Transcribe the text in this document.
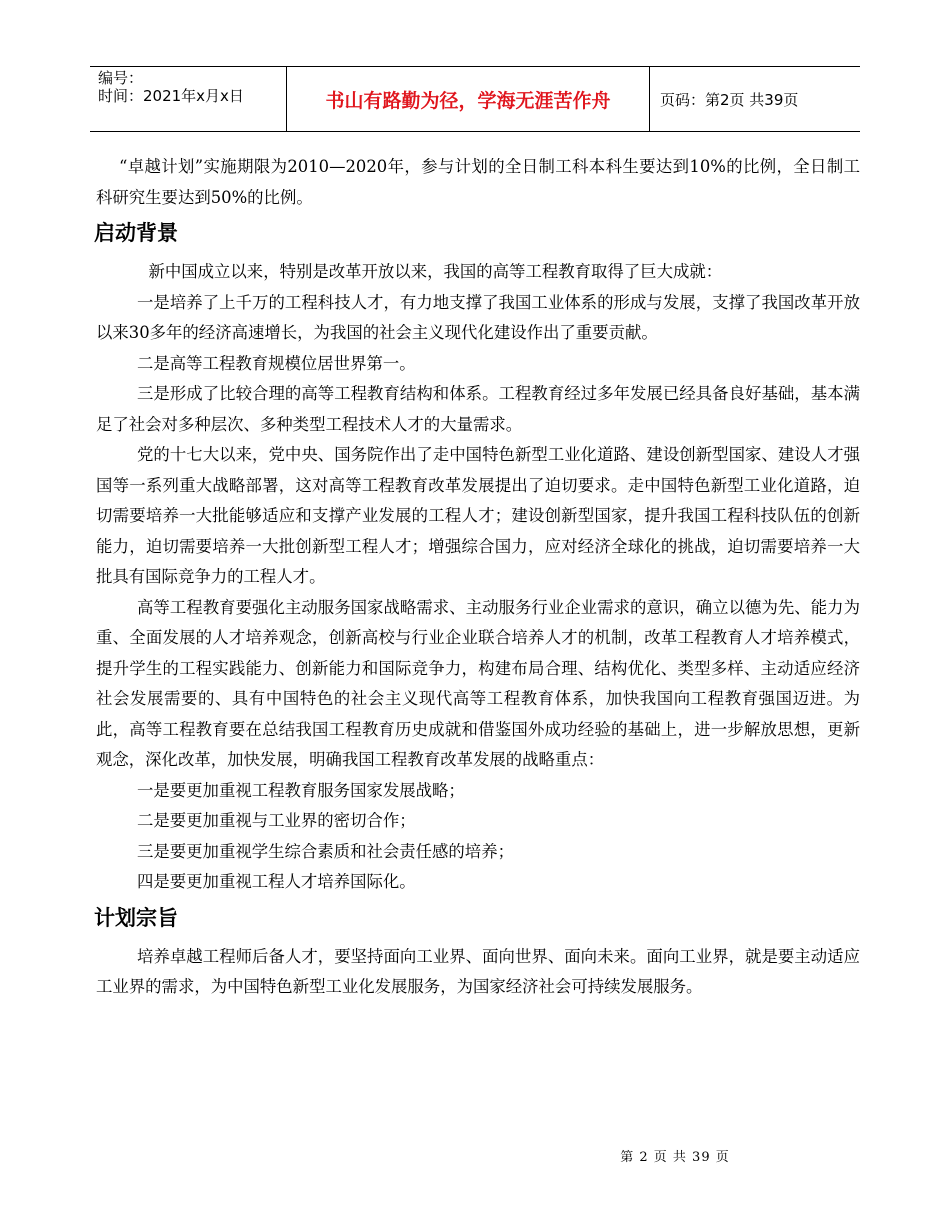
编号：
时间：2021年x月x日	书山有路勤为径，学海无涯苦作舟	页码：第2页 共39页

“卓越计划”实施期限为2010—2020年，参与计划的全日制工科本科生要达到10%的比例，全日制工科研究生要达到50%的比例。

启动背景

新中国成立以来，特别是改革开放以来，我国的高等工程教育取得了巨大成就：

一是培养了上千万的工程科技人才，有力地支撑了我国工业体系的形成与发展，支撑了我国改革开放以来30多年的经济高速增长，为我国的社会主义现代化建设作出了重要贡献。

二是高等工程教育规模位居世界第一。

三是形成了比较合理的高等工程教育结构和体系。工程教育经过多年发展已经具备良好基础，基本满足了社会对多种层次、多种类型工程技术人才的大量需求。

党的十七大以来，党中央、国务院作出了走中国特色新型工业化道路、建设创新型国家、建设人才强国等一系列重大战略部署，这对高等工程教育改革发展提出了迫切要求。走中国特色新型工业化道路，迫切需要培养一大批能够适应和支撑产业发展的工程人才；建设创新型国家，提升我国工程科技队伍的创新能力，迫切需要培养一大批创新型工程人才；增强综合国力，应对经济全球化的挑战，迫切需要培养一大批具有国际竞争力的工程人才。

高等工程教育要强化主动服务国家战略需求、主动服务行业企业需求的意识，确立以德为先、能力为重、全面发展的人才培养观念，创新高校与行业企业联合培养人才的机制，改革工程教育人才培养模式，提升学生的工程实践能力、创新能力和国际竞争力，构建布局合理、结构优化、类型多样、主动适应经济社会发展需要的、具有中国特色的社会主义现代高等工程教育体系，加快我国向工程教育强国迈进。为此，高等工程教育要在总结我国工程教育历史成就和借鉴国外成功经验的基础上，进一步解放思想，更新观念，深化改革，加快发展，明确我国工程教育改革发展的战略重点：

一是要更加重视工程教育服务国家发展战略；

二是要更加重视与工业界的密切合作；

三是要更加重视学生综合素质和社会责任感的培养；

四是要更加重视工程人才培养国际化。

计划宗旨

培养卓越工程师后备人才，要坚持面向工业界、面向世界、面向未来。面向工业界，就是要主动适应工业界的需求，为中国特色新型工业化发展服务，为国家经济社会可持续发展服务。

第 2 页 共 39 页
